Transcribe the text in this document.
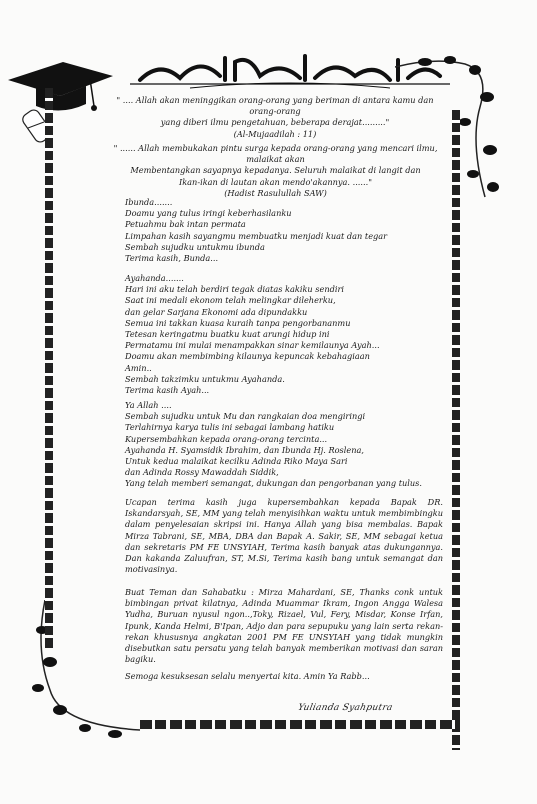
" .... Allah akan meninggikan orang-orang yang beriman di antara kamu dan orang-orang
yang diberi ilmu pengetahuan, beberapa derajat........."
(Al-Mujaadilah : 11)
" ...... Allah membukakan pintu surga kepada orang-orang yang mencari ilmu, malaikat akan
Membentangkan sayapnya kepadanya. Seluruh malaikat di langit dan
Ikan-ikan di lautan akan mendo'akannya. ......"
(Hadist Rasulullah SAW)
Ibunda.......
Doamu yang tulus iringi keberhasilanku
Petuahmu bak intan permata
Limpahan kasih sayangmu membuatku menjadi kuat dan tegar
Sembah sujudku untukmu ibunda
Terima kasih, Bunda...
Ayahanda.......
Hari ini aku telah berdiri tegak diatas kakiku sendiri
Saat ini medali ekonom telah melingkar dileherku,
dan gelar Sarjana Ekonomi ada dipundakku
Semua ini takkan kuasa kuraih tanpa pengorbananmu
Tetesan keringatmu buatku kuat arungi hidup ini
Permatamu ini mulai menampakkan sinar kemilaunya Ayah...
Doamu akan membimbing kilaunya kepuncak kebahagiaan
Amin..
Sembah takzimku untukmu Ayahanda.
Terima kasih Ayah...
Ya Allah ....
Sembah sujudku untuk Mu dan rangkaian doa mengiringi
Terlahirnya karya tulis ini sebagai lambang hatiku
Kupersembahkan kepada orang-orang tercinta...
Ayahanda H. Syamsidik Ibrahim, dan Ibunda Hj. Roslena,
Untuk kedua malaikat kecilku Adinda Riko Maya Sari
dan Adinda Rossy Mawaddah Siddik,
Yang telah memberi semangat, dukungan dan pengorbanan yang tulus.
Ucapan terima kasih juga kupersembahkan kepada Bapak DR. Iskandarsyah, SE, MM yang telah menyisihkan waktu untuk membimbingku dalam penyelesaian skripsi ini. Hanya Allah yang bisa membalas. Bapak Mirza Tabrani, SE, MBA, DBA dan Bapak A. Sakir, SE, MM sebagai ketua dan sekretaris PM FE UNSYIAH, Terima kasih banyak atas dukungannya. Dan kakanda Zaluufran, ST, M.Si, Terima kasih bang untuk semangat dan motivasinya.
Buat Teman dan Sahabatku : Mirza Mahardani, SE, Thanks conk untuk bimbingan privat kilatnya, Adinda Muammar Ikram, Ingon Angga Walesa Yudha, Buruan nyusul ngon..,Toky, Rizael, Vul, Fery, Misdar, Konse Irfan, Ipunk, Kanda Helmi, B'Ipan, Adjo dan para sepupuku yang lain serta rekan-rekan khususnya angkatan 2001 PM FE UNSYIAH yang tidak mungkin disebutkan satu persatu yang telah banyak memberikan motivasi dan saran bagiku.
Semoga kesuksesan selalu menyertai kita. Amin Ya Rabb...
Yulianda Syahputra
